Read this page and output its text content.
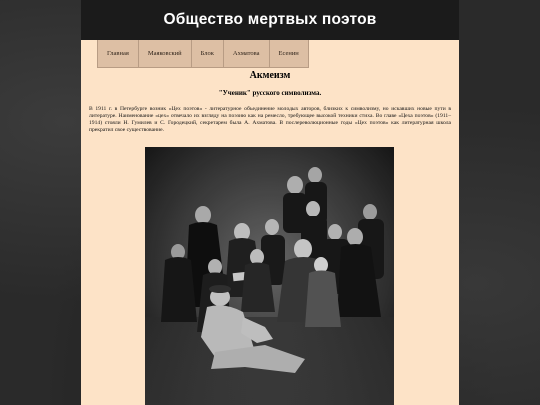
Общество мертвых поэтов
Главная	Маяковский	Блок	Ахматова	Есенин
Акмеизм
"Ученик" русского символизма.

В 1911 г. в Петербурге возник «Цех поэтов» - литературное объединение молодых авторов, близких к символизму, но искавших новые пути в литературе. Наименование «цех» отвечало их взгляду на поэзию как на ремесло, требующее высокой техники стиха. Во главе «Цеха поэтов» (1911–1914) стояли Н. Гумилев и С. Городецкий, секретарем была А. Ахматова. В послереволюционные годы «Цех поэтов» как литературная школа прекратил свое существование.
